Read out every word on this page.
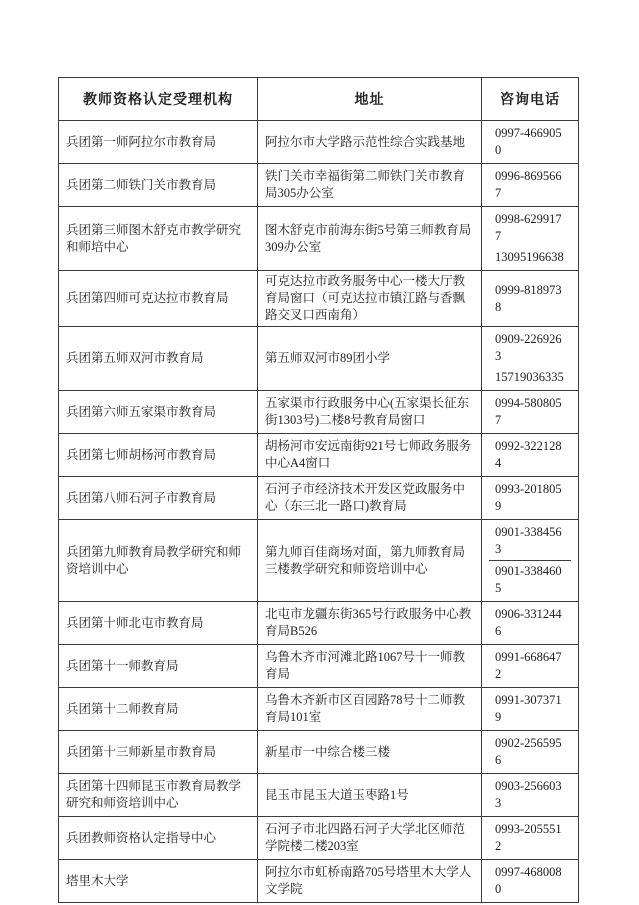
教师资格认定受理机构	地址	咨询电话
兵团第一师阿拉尔市教育局	阿拉尔市大学路示范性综合实践基地	0997-4669050

兵团第二师铁门关市教育局	铁门关市幸福街第二师铁门关市教育局305办公室	0996-8695667

兵团第三师图木舒克市教学研究和师培中心	图木舒克市前海东街5号第三师教育局309办公室	0998-6299177
13095196638

兵团第四师可克达拉市教育局	可克达拉市政务服务中心一楼大厅教育局窗口（可克达拉市镇江路与香飘路交叉口西南角）	0999-8189738

兵团第五师双河市教育局	第五师双河市89团小学	0909-2269263
15719036335

兵团第六师五家渠市教育局	五家渠市行政服务中心(五家渠长征东街1303号)二楼8号教育局窗口	0994-5808057

兵团第七师胡杨河市教育局	胡杨河市安远南街921号七师政务服务中心A4窗口	0992-3221284

兵团第八师石河子市教育局	石河子市经济技术开发区党政服务中心（东三北一路口)教育局	0993-2018059

兵团第九师教育局教学研究和师资培训中心	第九师百佳商场对面，第九师教育局三楼教学研究和师资培训中心	0901-3384563
0901-3384605

兵团第十师北屯市教育局	北屯市龙疆东街365号行政服务中心教育局B526	0906-3312446

兵团第十一师教育局	乌鲁木齐市河滩北路1067号十一师教育局	0991-6686472

兵团第十二师教育局	乌鲁木齐新市区百园路78号十二师教育局101室	0991-3073719

兵团第十三师新星市教育局	新星市一中综合楼三楼	0902-2565956

兵团第十四师昆玉市教育局教学研究和师资培训中心	昆玉市昆玉大道玉枣路1号	0903-2566033

兵团教师资格认定指导中心	石河子市北四路石河子大学北区师范学院楼二楼203室	0993-2055512

塔里木大学	阿拉尔市虹桥南路705号塔里木大学人文学院	0997-4680080
